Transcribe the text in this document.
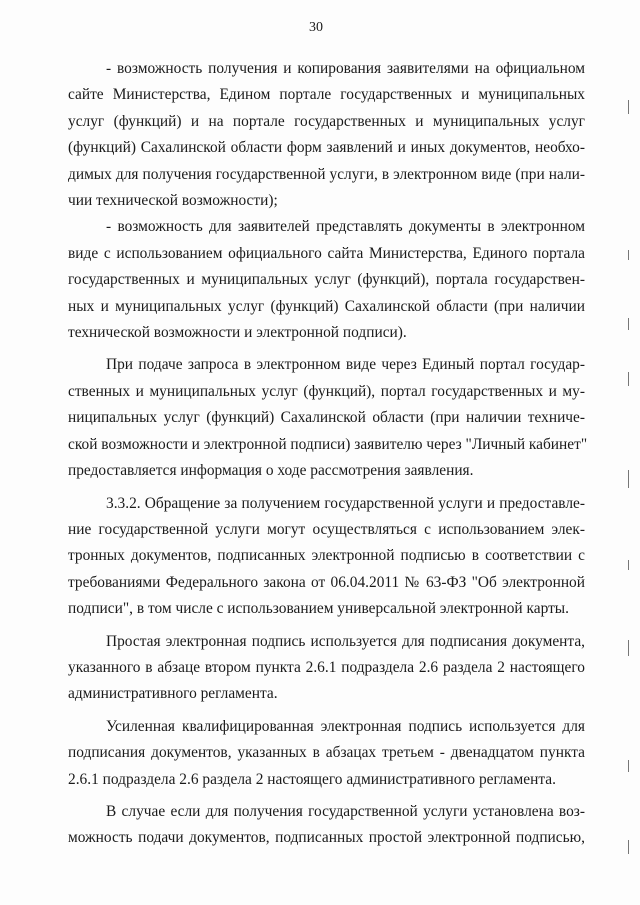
30

- возможность получения и копирования заявителями на официальном
сайте Министерства, Едином портале государственных и муниципальных
услуг (функций) и на портале государственных и муниципальных услуг
(функций) Сахалинской области форм заявлений и иных документов, необхо-
димых для получения государственной услуги, в электронном виде (при нали-
чии технической возможности);

- возможность для заявителей представлять документы в электронном
виде с использованием официального сайта Министерства, Единого портала
государственных и муниципальных услуг (функций), портала государствен-
ных и муниципальных услуг (функций) Сахалинской области (при наличии
технической возможности и электронной подписи).

При подаче запроса в электронном виде через Единый портал государ-
ственных и муниципальных услуг (функций), портал государственных и му-
ниципальных услуг (функций) Сахалинской области (при наличии техниче-
ской возможности и электронной подписи) заявителю через "Личный кабинет"
предоставляется информация о ходе рассмотрения заявления.

3.3.2. Обращение за получением государственной услуги и предоставле-
ние государственной услуги могут осуществляться с использованием элек-
тронных документов, подписанных электронной подписью в соответствии с
требованиями Федерального закона от 06.04.2011 № 63-ФЗ "Об электронной
подписи", в том числе с использованием универсальной электронной карты.

Простая электронная подпись используется для подписания документа,
указанного в абзаце втором пункта 2.6.1 подраздела 2.6 раздела 2 настоящего
административного регламента.

Усиленная квалифицированная электронная подпись используется для
подписания документов, указанных в абзацах третьем - двенадцатом пункта
2.6.1 подраздела 2.6 раздела 2 настоящего административного регламента.

В случае если для получения государственной услуги установлена воз-
можность подачи документов, подписанных простой электронной подписью,
